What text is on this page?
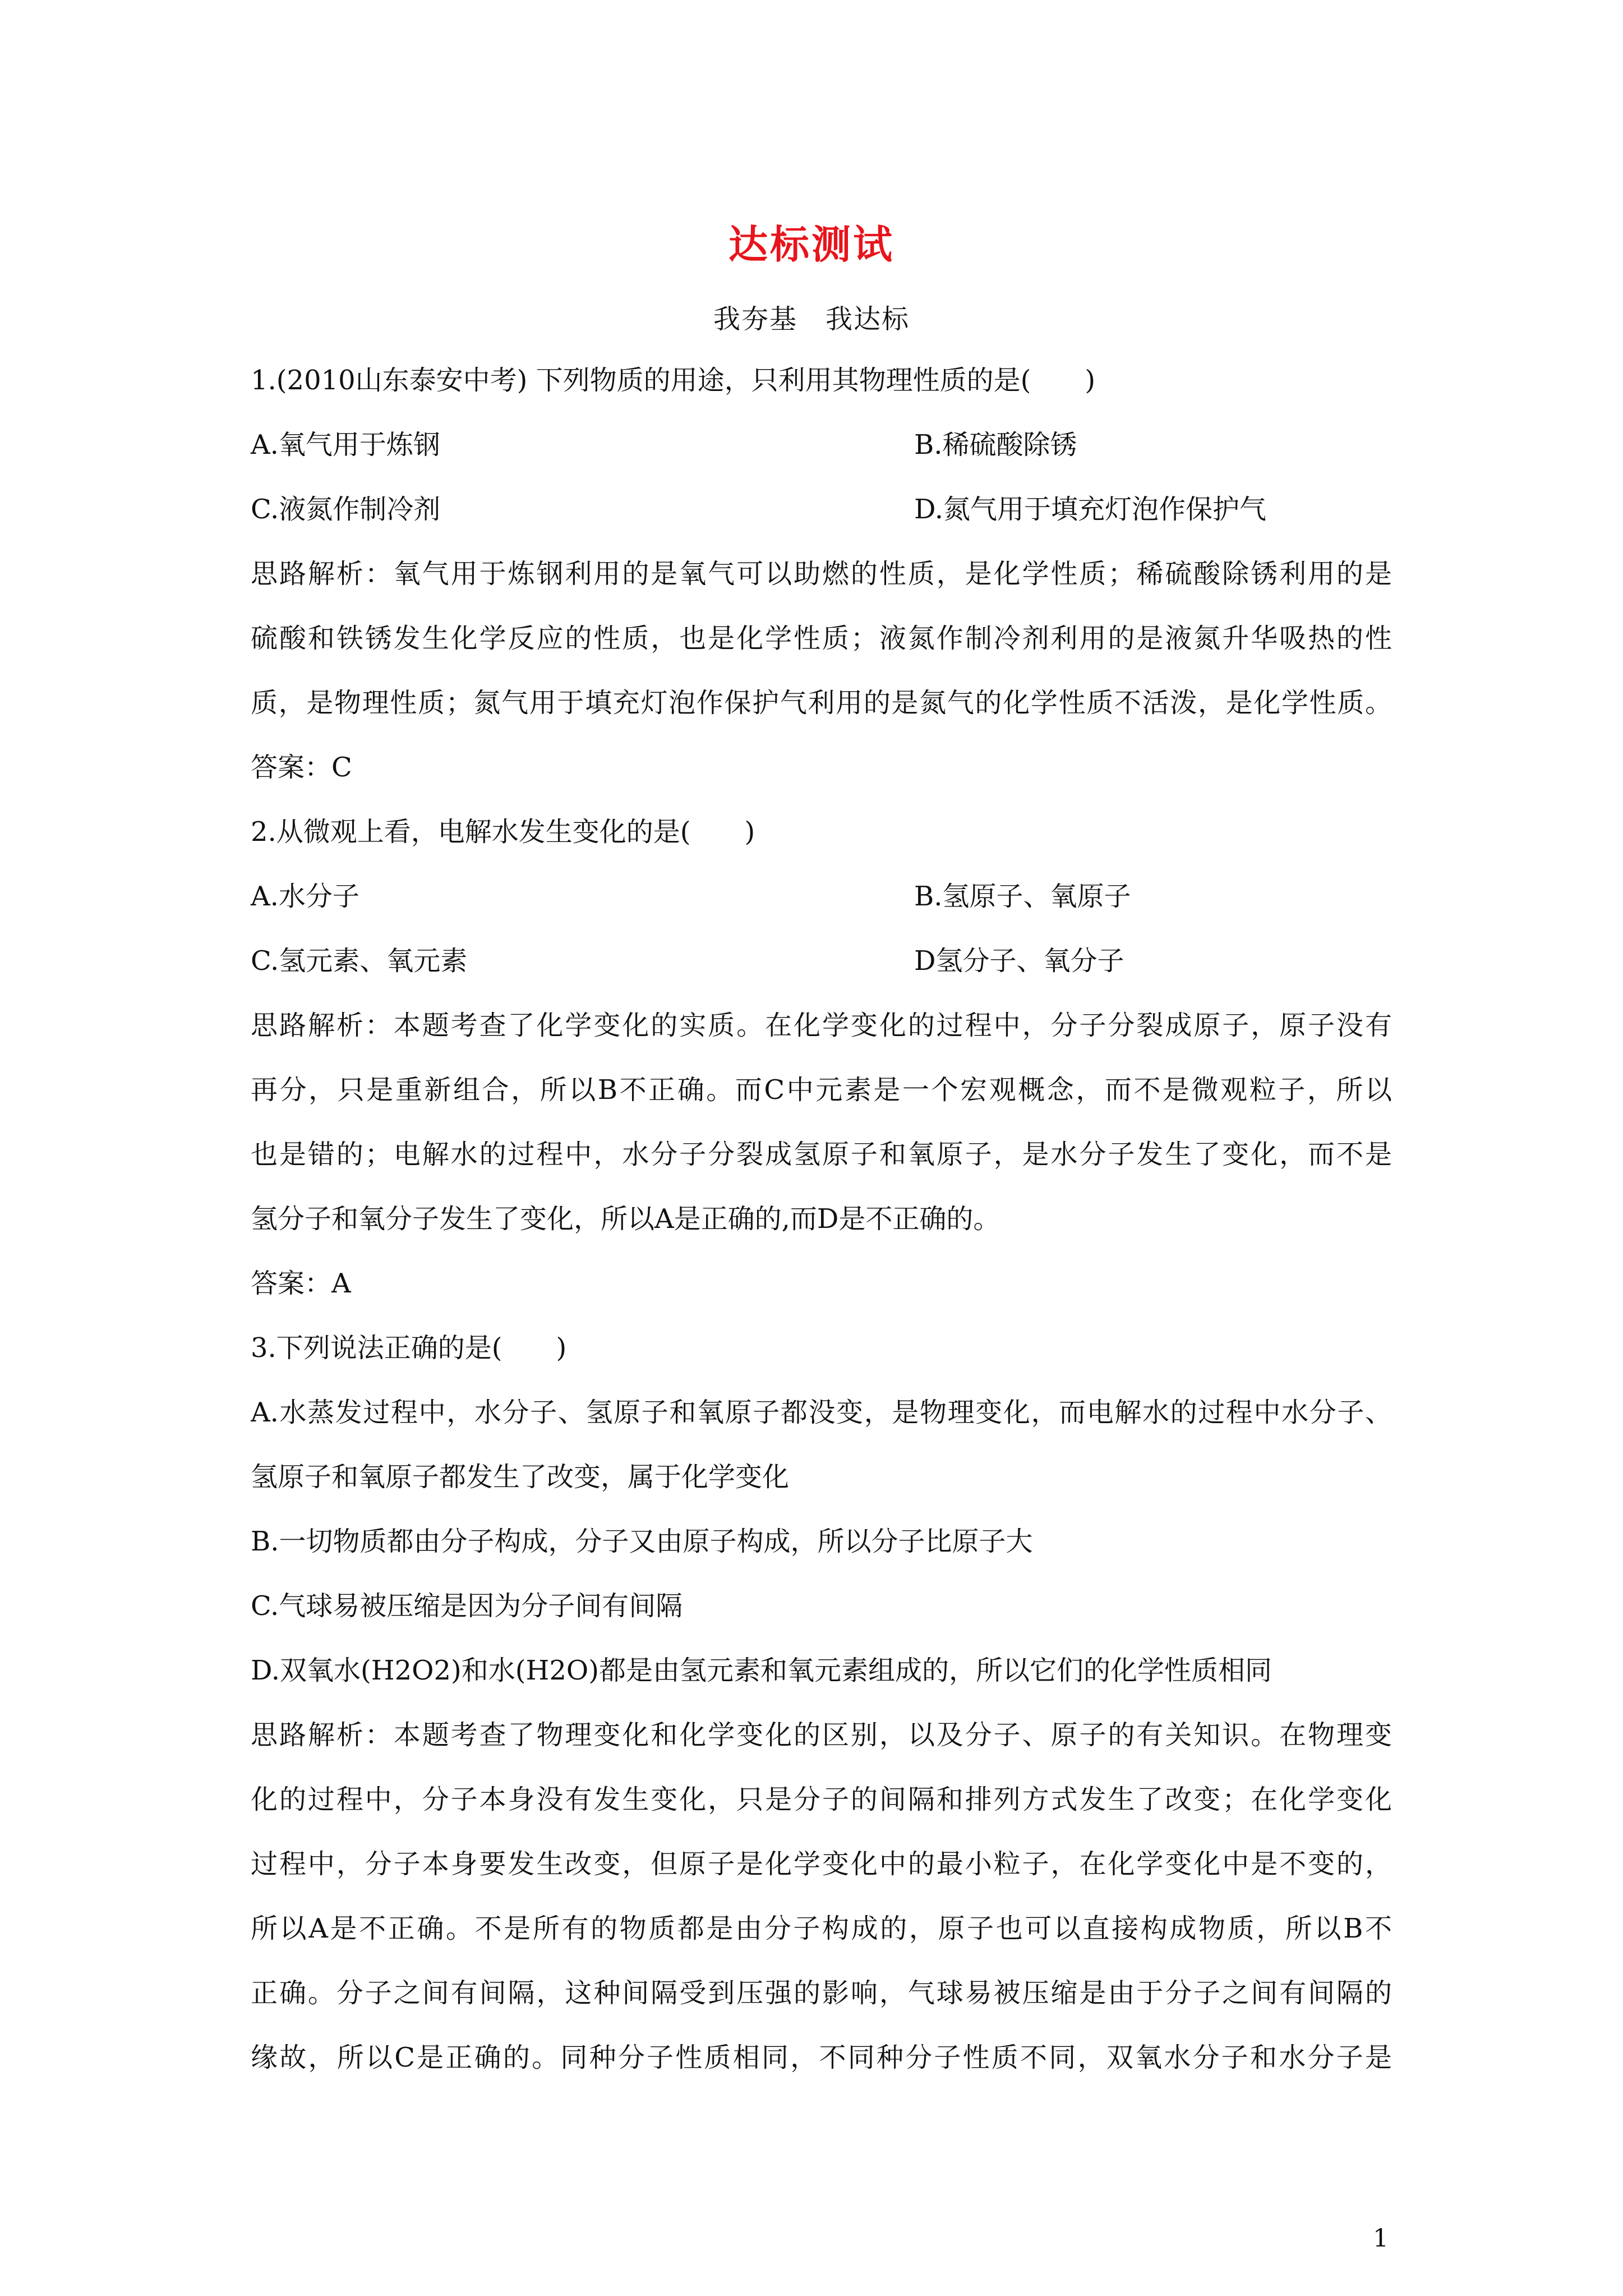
达标测试
我夯基　我达标
1.(2010山东泰安中考) 下列物质的用途，只利用其物理性质的是(　　)
A.氧气用于炼钢	B.稀硫酸除锈
C.液氮作制冷剂	D.氮气用于填充灯泡作保护气
思路解析：氧气用于炼钢利用的是氧气可以助燃的性质，是化学性质；稀硫酸除锈利用的是
硫酸和铁锈发生化学反应的性质，也是化学性质；液氮作制冷剂利用的是液氮升华吸热的性
质，是物理性质；氮气用于填充灯泡作保护气利用的是氮气的化学性质不活泼，是化学性质。
答案：C
2.从微观上看，电解水发生变化的是(　　)
A.水分子	B.氢原子、氧原子
C.氢元素、氧元素	D氢分子、氧分子
思路解析：本题考查了化学变化的实质。在化学变化的过程中，分子分裂成原子，原子没有
再分，只是重新组合，所以B不正确。而C中元素是一个宏观概念，而不是微观粒子，所以
也是错的；电解水的过程中，水分子分裂成氢原子和氧原子，是水分子发生了变化，而不是
氢分子和氧分子发生了变化，所以A是正确的,而D是不正确的。
答案：A
3.下列说法正确的是(　　)
A.水蒸发过程中，水分子、氢原子和氧原子都没变，是物理变化，而电解水的过程中水分子、
氢原子和氧原子都发生了改变，属于化学变化
B.一切物质都由分子构成，分子又由原子构成，所以分子比原子大
C.气球易被压缩是因为分子间有间隔
D.双氧水(H2O2)和水(H2O)都是由氢元素和氧元素组成的，所以它们的化学性质相同
思路解析：本题考查了物理变化和化学变化的区别，以及分子、原子的有关知识。在物理变
化的过程中，分子本身没有发生变化，只是分子的间隔和排列方式发生了改变；在化学变化
过程中，分子本身要发生改变，但原子是化学变化中的最小粒子，在化学变化中是不变的，
所以A是不正确。不是所有的物质都是由分子构成的，原子也可以直接构成物质，所以B不
正确。分子之间有间隔，这种间隔受到压强的影响，气球易被压缩是由于分子之间有间隔的
缘故，所以C是正确的。同种分子性质相同，不同种分子性质不同，双氧水分子和水分子是
1
